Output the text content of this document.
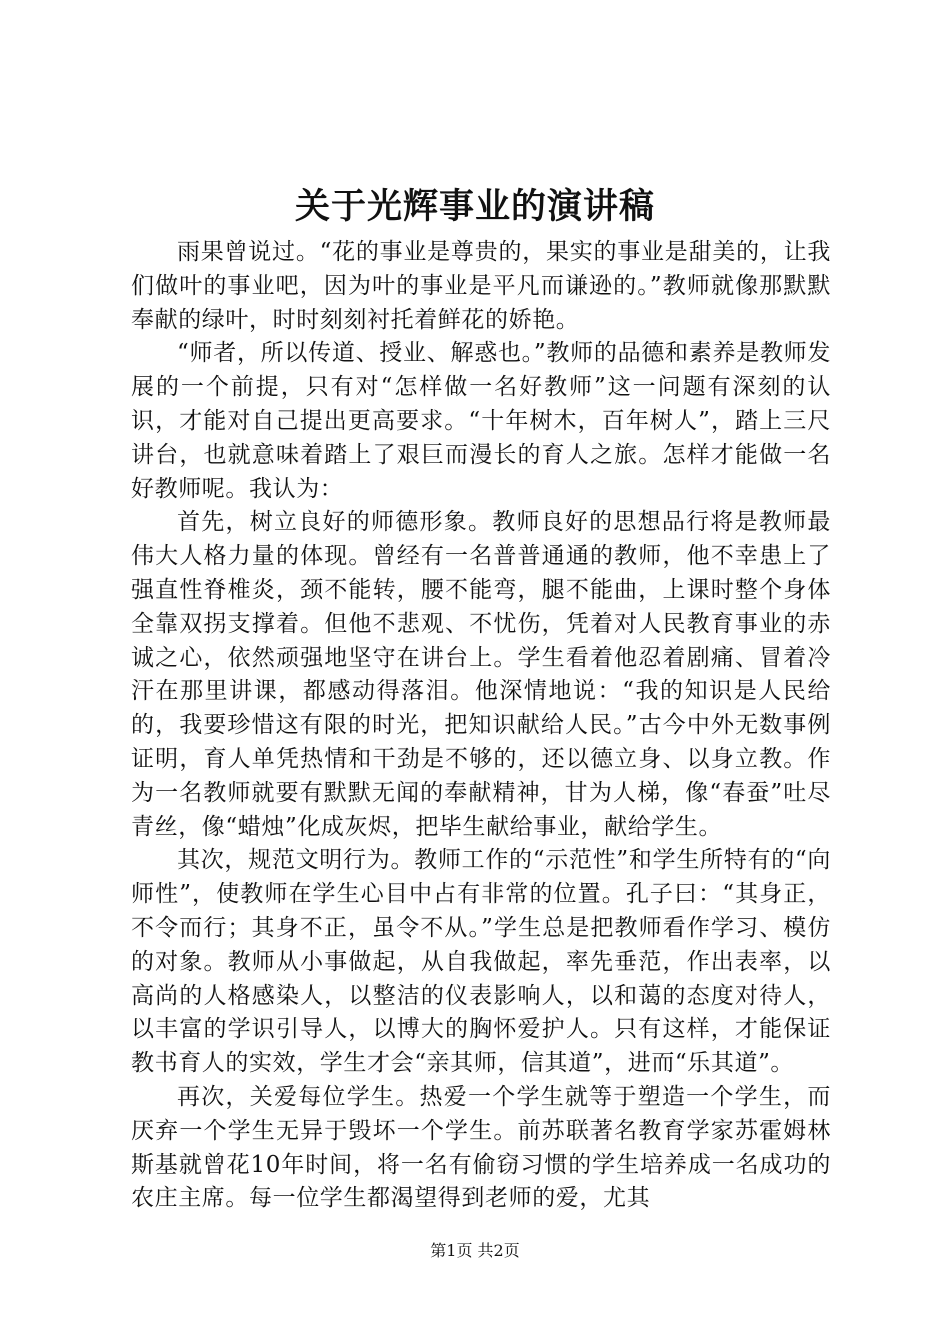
关于光辉事业的演讲稿

雨果曾说过。“花的事业是尊贵的，果实的事业是甜美的，让我们做叶的事业吧，因为叶的事业是平凡而谦逊的。”教师就像那默默奉献的绿叶，时时刻刻衬托着鲜花的娇艳。

“师者，所以传道、授业、解惑也。”教师的品德和素养是教师发展的一个前提，只有对“怎样做一名好教师”这一问题有深刻的认识，才能对自己提出更高要求。“十年树木，百年树人”，踏上三尺讲台，也就意味着踏上了艰巨而漫长的育人之旅。怎样才能做一名好教师呢。我认为：

首先，树立良好的师德形象。教师良好的思想品行将是教师最伟大人格力量的体现。曾经有一名普普通通的教师，他不幸患上了强直性脊椎炎，颈不能转，腰不能弯，腿不能曲，上课时整个身体全靠双拐支撑着。但他不悲观、不忧伤，凭着对人民教育事业的赤诚之心，依然顽强地坚守在讲台上。学生看着他忍着剧痛、冒着冷汗在那里讲课，都感动得落泪。他深情地说：“我的知识是人民给的，我要珍惜这有限的时光，把知识献给人民。”古今中外无数事例证明，育人单凭热情和干劲是不够的，还以德立身、以身立教。作为一名教师就要有默默无闻的奉献精神，甘为人梯，像“春蚕”吐尽青丝，像“蜡烛”化成灰烬，把毕生献给事业，献给学生。

其次，规范文明行为。教师工作的“示范性”和学生所特有的“向师性”，使教师在学生心目中占有非常的位置。孔子曰：“其身正，不令而行；其身不正，虽令不从。”学生总是把教师看作学习、模仿的对象。教师从小事做起，从自我做起，率先垂范，作出表率，以高尚的人格感染人，以整洁的仪表影响人，以和蔼的态度对待人，以丰富的学识引导人，以博大的胸怀爱护人。只有这样，才能保证教书育人的实效，学生才会“亲其师，信其道”，进而“乐其道”。

再次，关爱每位学生。热爱一个学生就等于塑造一个学生，而厌弃一个学生无异于毁坏一个学生。前苏联著名教育学家苏霍姆林斯基就曾花10年时间，将一名有偷窃习惯的学生培养成一名成功的农庄主席。每一位学生都渴望得到老师的爱，尤其

第1页 共2页
